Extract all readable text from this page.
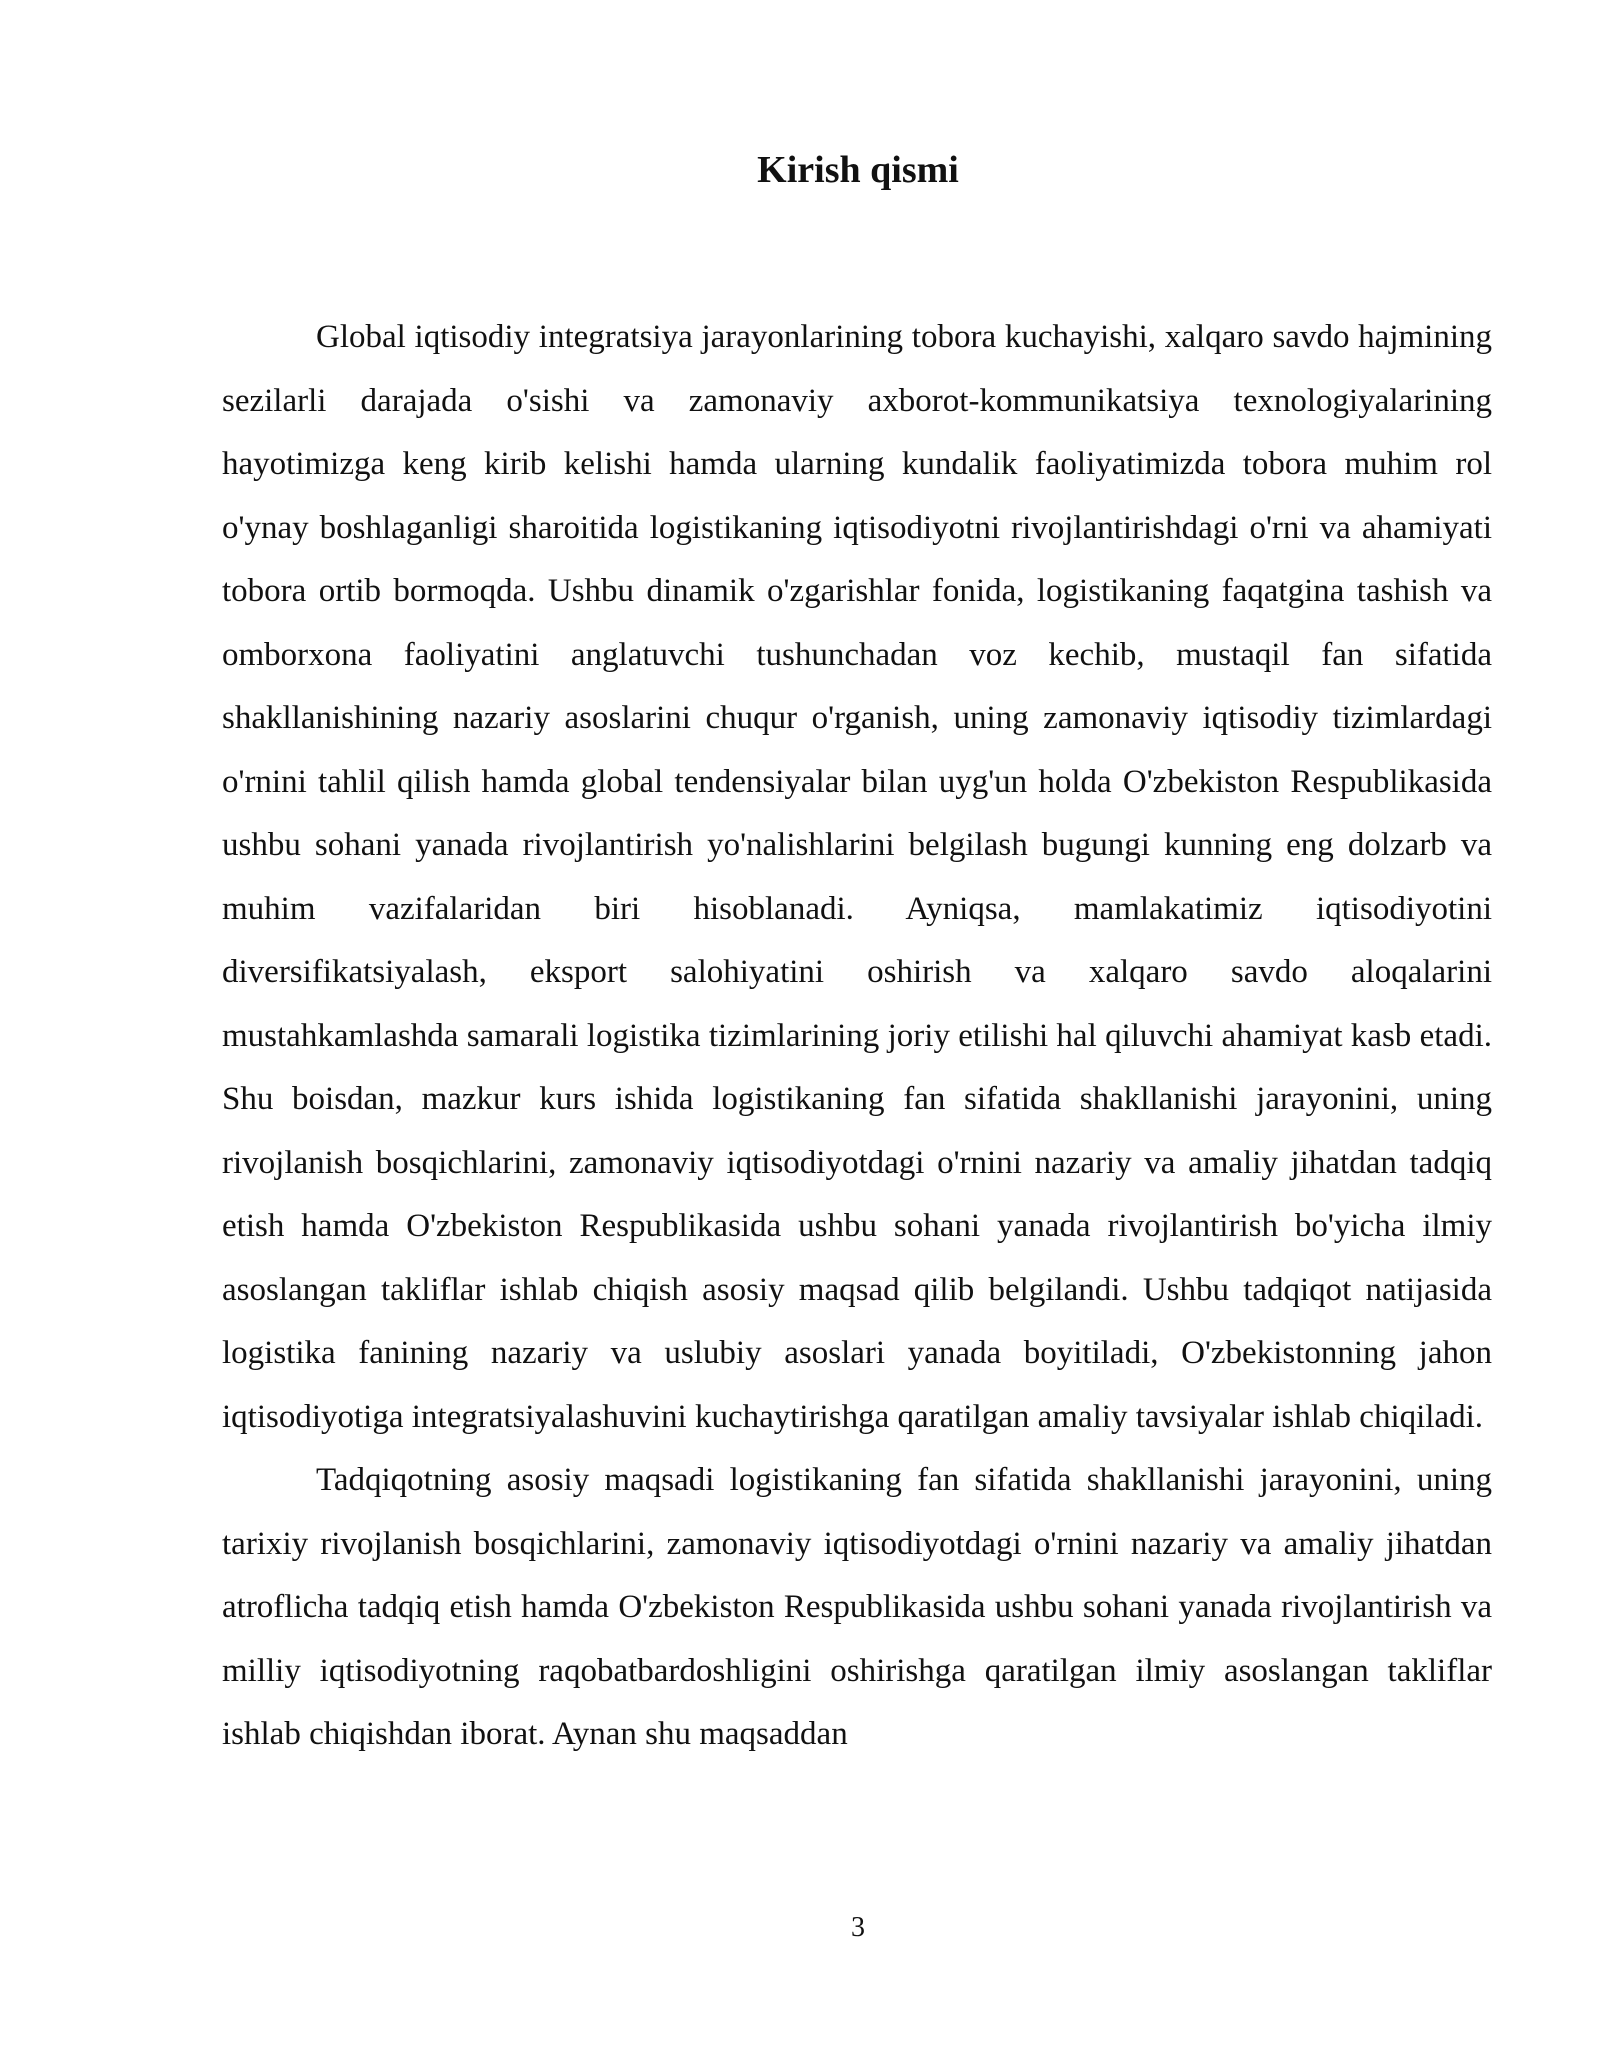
Kirish qismi

Global iqtisodiy integratsiya jarayonlarining tobora kuchayishi, xalqaro savdo hajmining sezilarli darajada o'sishi va zamonaviy axborot-kommunikatsiya texnologiyalarining hayotimizga keng kirib kelishi hamda ularning kundalik faoliyatimizda tobora muhim rol o'ynay boshlaganligi sharoitida logistikaning iqtisodiyotni rivojlantirishdagi o'rni va ahamiyati tobora ortib bormoqda. Ushbu dinamik o'zgarishlar fonida, logistikaning faqatgina tashish va omborxona faoliyatini anglatuvchi tushunchadan voz kechib, mustaqil fan sifatida shakllanishining nazariy asoslarini chuqur o'rganish, uning zamonaviy iqtisodiy tizimlardagi o'rnini tahlil qilish hamda global tendensiyalar bilan uyg'un holda O'zbekiston Respublikasida ushbu sohani yanada rivojlantirish yo'nalishlarini belgilash bugungi kunning eng dolzarb va muhim vazifalaridan biri hisoblanadi. Ayniqsa, mamlakatimiz iqtisodiyotini diversifikatsiyalash, eksport salohiyatini oshirish va xalqaro savdo aloqalarini mustahkamlashda samarali logistika tizimlarining joriy etilishi hal qiluvchi ahamiyat kasb etadi. Shu boisdan, mazkur kurs ishida logistikaning fan sifatida shakllanishi jarayonini, uning rivojlanish bosqichlarini, zamonaviy iqtisodiyotdagi o'rnini nazariy va amaliy jihatdan tadqiq etish hamda O'zbekiston Respublikasida ushbu sohani yanada rivojlantirish bo'yicha ilmiy asoslangan takliflar ishlab chiqish asosiy maqsad qilib belgilandi. Ushbu tadqiqot natijasida logistika fanining nazariy va uslubiy asoslari yanada boyitiladi, O'zbekistonning jahon iqtisodiyotiga integratsiyalashuvini kuchaytirishga qaratilgan amaliy tavsiyalar ishlab chiqiladi.

Tadqiqotning asosiy maqsadi logistikaning fan sifatida shakllanishi jarayonini, uning tarixiy rivojlanish bosqichlarini, zamonaviy iqtisodiyotdagi o'rnini nazariy va amaliy jihatdan atroflicha tadqiq etish hamda O'zbekiston Respublikasida ushbu sohani yanada rivojlantirish va milliy iqtisodiyotning raqobatbardoshligini oshirishga qaratilgan ilmiy asoslangan takliflar ishlab chiqishdan iborat. Aynan shu maqsaddan

3
